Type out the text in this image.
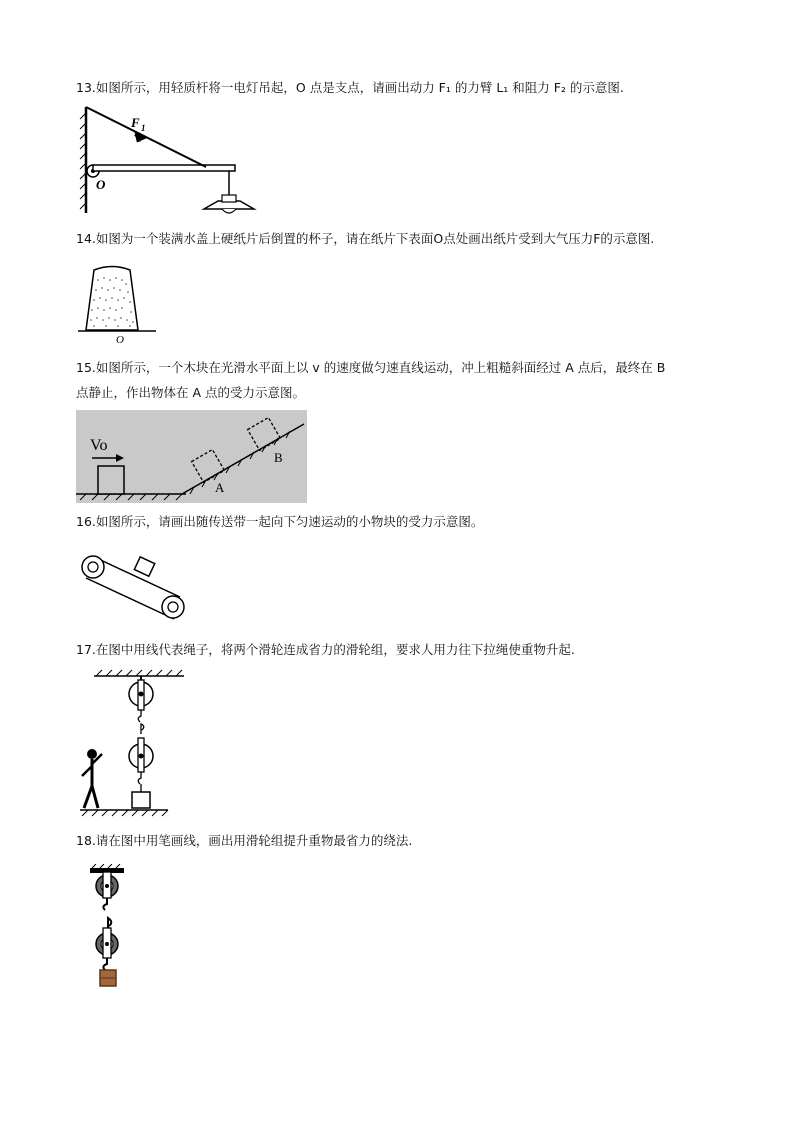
13.如图所示，用轻质杆将一电灯吊起，O 点是支点，请画出动力 F₁ 的力臂 L₁ 和阻力 F₂ 的示意图.
F 1
O
14.如图为一个装满水盖上硬纸片后倒置的杯子，请在纸片下表面O点处画出纸片受到大气压力F的示意图.
O
15.如图所示，一个木块在光滑水平面上以 v 的速度做匀速直线运动，冲上粗糙斜面经过 A 点后，最终在 B
点静止，作出物体在 A 点的受力示意图。
Vo
A
B
16.如图所示，请画出随传送带一起向下匀速运动的小物块的受力示意图。
17.在图中用线代表绳子，将两个滑轮连成省力的滑轮组，要求人用力往下拉绳使重物升起.
18.请在图中用笔画线，画出用滑轮组提升重物最省力的绕法.
